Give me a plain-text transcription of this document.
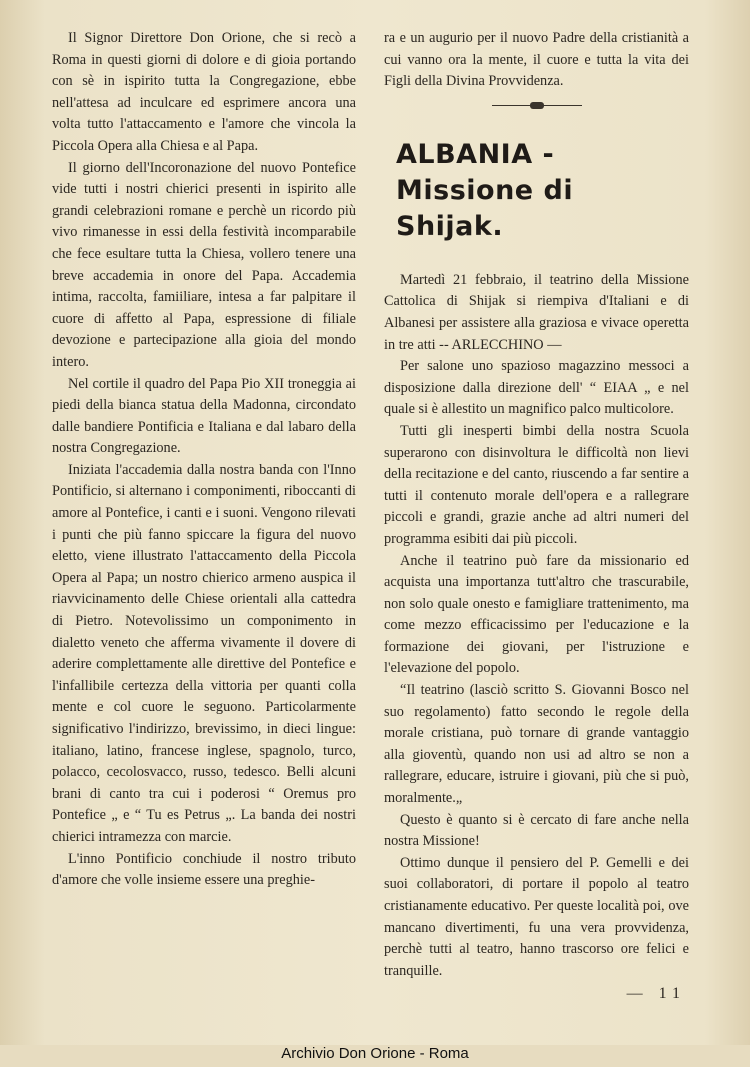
Il Signor Direttore Don Orione, che si recò a Roma in questi giorni di dolore e di gioia portando con sè in ispirito tutta la Congregazione, ebbe nell'attesa ad inculcare ed esprimere ancora una volta tutto l'attaccamento e l'amore che vincola la Piccola Opera alla Chiesa e al Papa.

Il giorno dell'Incoronazione del nuovo Pontefice vide tutti i nostri chierici presenti in ispirito alle grandi celebrazioni romane e perchè un ricordo più vivo rimanesse in essi della festività incomparabile che fece esultare tutta la Chiesa, vollero tenere una breve accademia in onore del Papa. Accademia intima, raccolta, famiiliare, intesa a far palpitare il cuore di affetto al Papa, espressione di filiale devozione e partecipazione alla gioia del mondo intero.

Nel cortile il quadro del Papa Pio XII troneggia ai piedi della bianca statua della Madonna, circondato dalle bandiere Pontificia e Italiana e dal labaro della nostra Congregazione.

Iniziata l'accademia dalla nostra banda con l'Inno Pontificio, si alternano i componimenti, riboccanti di amore al Pontefice, i canti e i suoni. Vengono rilevati i punti che più fanno spiccare la figura del nuovo eletto, viene illustrato l'attaccamento della Piccola Opera al Papa; un nostro chierico armeno auspica il riavvicinamento delle Chiese orientali alla cattedra di Pietro. Notevolissimo un componimento in dialetto veneto che afferma vivamente il dovere di aderire complettamente alle direttive del Pontefice e l'infallibile certezza della vittoria per quanti colla mente e col cuore le seguono. Particolarmente significativo l'indirizzo, brevissimo, in dieci lingue: italiano, latino, francese inglese, spagnolo, turco, polacco, cecolosvacco, russo, tedesco. Belli alcuni brani di canto tra cui i poderosi “ Oremus pro Pontefice „ e “ Tu es Petrus „. La banda dei nostri chierici intramezza con marcie.

L'inno Pontificio conchiude il nostro tributo d'amore che volle insieme essere una preghie-

ra e un augurio per il nuovo Padre della cristianità a cui vanno ora la mente, il cuore e tutta la vita dei Figli della Divina Provvidenza.

ALBANIA - Missione di Shijak.

Martedì 21 febbraio, il teatrino della Missione Cattolica di Shijak si riempiva d'Italiani e di Albanesi per assistere alla graziosa e vivace operetta in tre atti -- ARLECCHINO —

Per salone uno spazioso magazzino messoci a disposizione dalla direzione dell' “ EIAA „ e nel quale si è allestito un magnifico palco multicolore.

Tutti gli inesperti bimbi della nostra Scuola superarono con disinvoltura le difficoltà non lievi della recitazione e del canto, riuscendo a far sentire a tutti il contenuto morale dell'opera e a rallegrare piccoli e grandi, grazie anche ad altri numeri del programma esibiti dai più piccoli.

Anche il teatrino può fare da missionario ed acquista una importanza tutt'altro che trascurabile, non solo quale onesto e famigliare trattenimento, ma come mezzo efficacissimo per l'educazione e la formazione dei giovani, per l'istruzione e l'elevazione del popolo.

“Il teatrino (lasciò scritto S. Giovanni Bosco nel suo regolamento) fatto secondo le regole della morale cristiana, può tornare di grande vantaggio alla gioventù, quando non usi ad altro se non a rallegrare, educare, istruire i giovani, più che si può, moralmente.„

Questo è quanto si è cercato di fare anche nella nostra Missione!

Ottimo dunque il pensiero del P. Gemelli e dei suoi collaboratori, di portare il popolo al teatro cristianamente educativo. Per queste località poi, ove mancano divertimenti, fu una vera provvidenza, perchè tutti al teatro, hanno trascorso ore felici e tranquille.

— 11
Archivio Don Orione - Roma
